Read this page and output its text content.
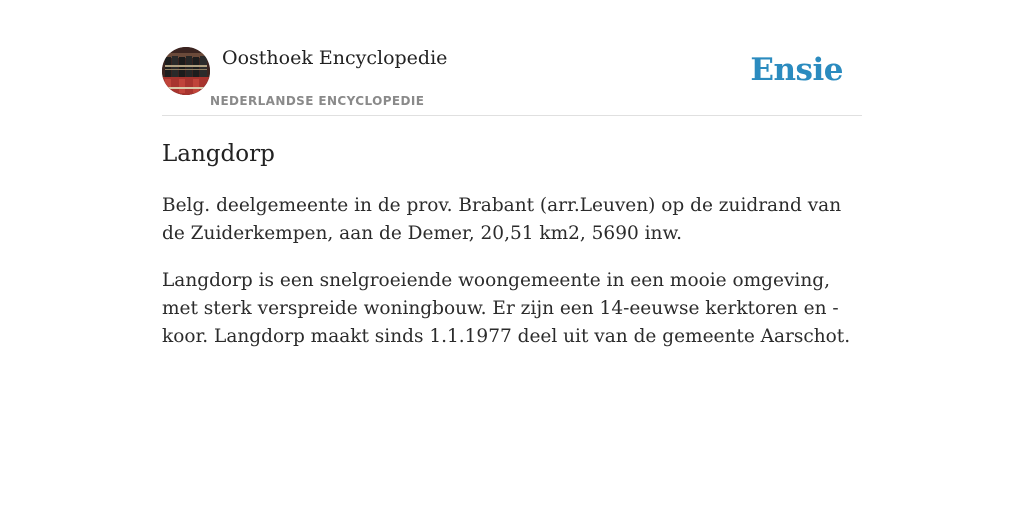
Oosthoek Encyclopedie
NEDERLANDSE ENCYCLOPEDIE
Ensie
Langdorp

Belg. deelgemeente in de prov. Brabant (arr.Leuven) op de zuidrand van de Zuiderkempen, aan de Demer, 20,51 km2, 5690 inw.

Langdorp is een snelgroeiende woongemeente in een mooie omgeving, met sterk verspreide woningbouw. Er zijn een 14-eeuwse kerktoren en -koor. Langdorp maakt sinds 1.1.1977 deel uit van de gemeente Aarschot.
